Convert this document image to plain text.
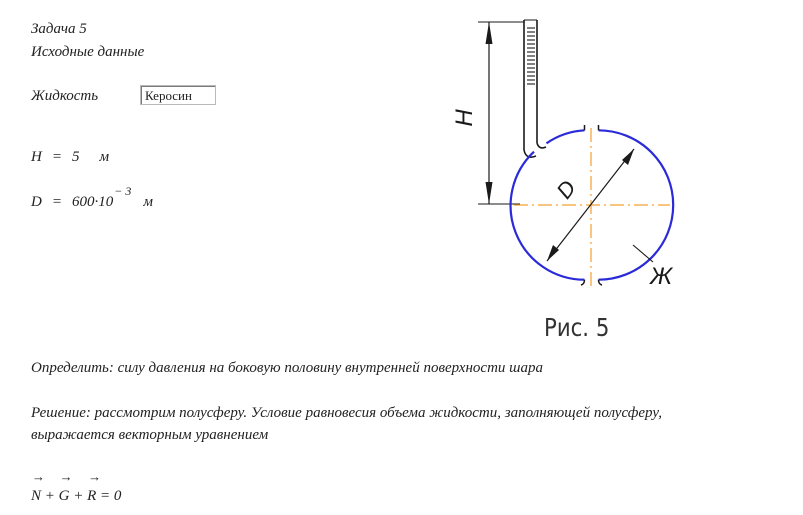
Задача 5
Исходные данные
Жидкость	Керосин
H = 5 м
$D = 600\cdot 10^{- 3}м$
H
D
Ж
Рис. 5
Определить: силу давления на боковую половину внутренней поверхности шара
Решение: рассмотрим полусферу. Условие равновесия объема жидкости, заполняющей полусферу,
выражается векторным уравнением
→
N +
→
G +
→
R = 0
